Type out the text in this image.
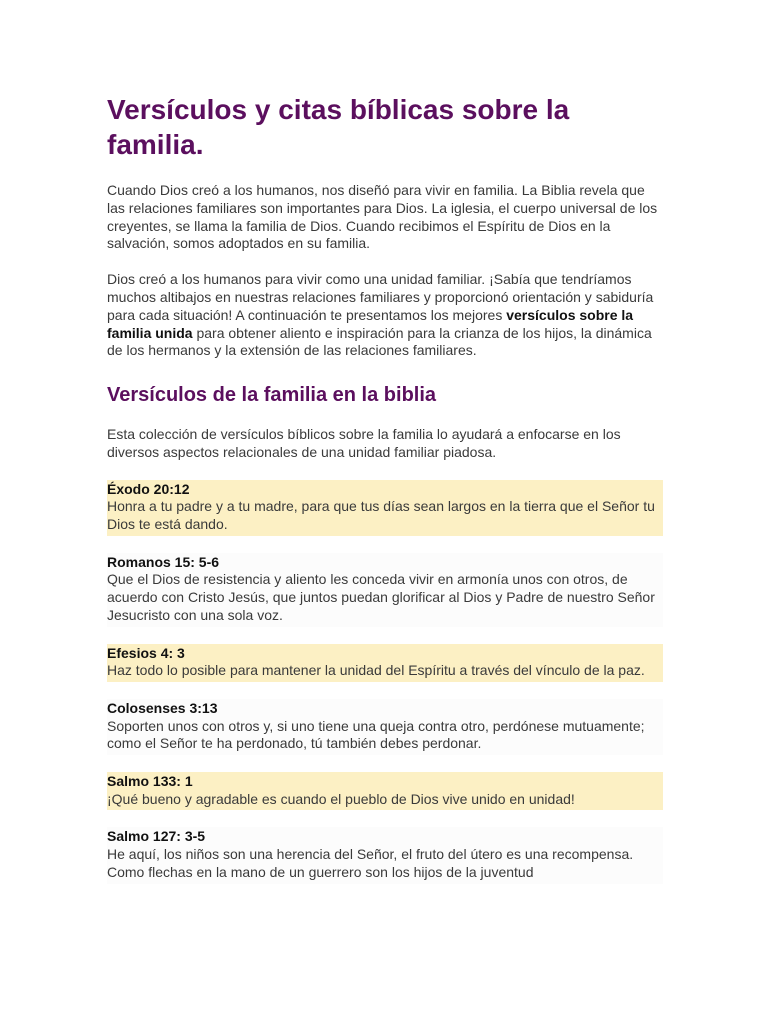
Versículos y citas bíblicas sobre la familia.

Cuando Dios creó a los humanos, nos diseñó para vivir en familia. La Biblia revela que las relaciones familiares son importantes para Dios. La iglesia, el cuerpo universal de los creyentes, se llama la familia de Dios. Cuando recibimos el Espíritu de Dios en la salvación, somos adoptados en su familia.

Dios creó a los humanos para vivir como una unidad familiar. ¡Sabía que tendríamos muchos altibajos en nuestras relaciones familiares y proporcionó orientación y sabiduría para cada situación! A continuación te presentamos los mejores versículos sobre la familia unida para obtener aliento e inspiración para la crianza de los hijos, la dinámica de los hermanos y la extensión de las relaciones familiares.

Versículos de la familia en la biblia

Esta colección de versículos bíblicos sobre la familia lo ayudará a enfocarse en los diversos aspectos relacionales de una unidad familiar piadosa.

Éxodo 20:12
Honra a tu padre y a tu madre, para que tus días sean largos en la tierra que el Señor tu Dios te está dando.
Romanos 15: 5-6
Que el Dios de resistencia y aliento les conceda vivir en armonía unos con otros, de acuerdo con Cristo Jesús, que juntos puedan glorificar al Dios y Padre de nuestro Señor Jesucristo con una sola voz.
Efesios 4: 3
Haz todo lo posible para mantener la unidad del Espíritu a través del vínculo de la paz.
Colosenses 3:13
Soporten unos con otros y, si uno tiene una queja contra otro, perdónese mutuamente; como el Señor te ha perdonado, tú también debes perdonar.
Salmo 133: 1
¡Qué bueno y agradable es cuando el pueblo de Dios vive unido en unidad!
Salmo 127: 3-5
He aquí, los niños son una herencia del Señor, el fruto del útero es una recompensa. Como flechas en la mano de un guerrero son los hijos de la juventud
